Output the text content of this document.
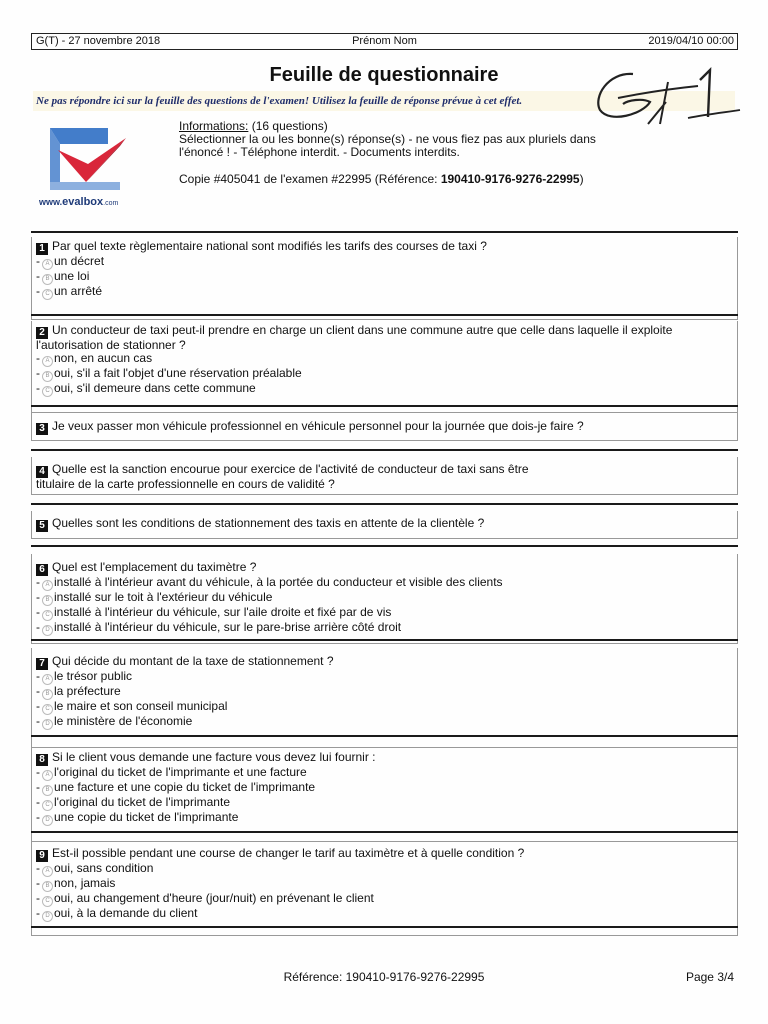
G(T) - 27 novembre 2018	Prénom Nom	2019/04/10 00:00
Feuille de questionnaire
Ne pas répondre ici sur la feuille des questions de l'examen! Utilisez la feuille de réponse prévue à cet effet.
www.evalbox.com
Informations: (16 questions)
Sélectionner la ou les bonne(s) réponse(s) - ne vous fiez pas aux pluriels dans
l'énoncé ! - Téléphone interdit. - Documents interdits.
Copie #405041 de l'examen #22995 (Référence: 190410-9176-9276-22995)
1 Par quel texte règlementaire national sont modifiés les tarifs des courses de taxi ?
- A un décret
- B une loi
- C un arrêté
2 Un conducteur de taxi peut-il prendre en charge un client dans une commune autre que celle dans laquelle il exploite l'autorisation de stationner ?
- A non, en aucun cas
- B oui, s'il a fait l'objet d'une réservation préalable
- C oui, s'il demeure dans cette commune
3 Je veux passer mon véhicule professionnel en véhicule personnel pour la journée que dois-je faire ?
4 Quelle est la sanction encourue pour exercice de l'activité de conducteur de taxi sans être titulaire de la carte professionnelle en cours de validité ?
5 Quelles sont les conditions de stationnement des taxis en attente de la clientèle ?
6 Quel est l'emplacement du taximètre ?
- A installé à l'intérieur avant du véhicule, à la portée du conducteur et visible des clients
- B installé sur le toit à l'extérieur du véhicule
- C installé à l'intérieur du véhicule, sur l'aile droite et fixé par de vis
- D installé à l'intérieur du véhicule, sur le pare-brise arrière côté droit
7 Qui décide du montant de la taxe de stationnement ?
- A le trésor public
- B la préfecture
- C le maire et son conseil municipal
- D le ministère de l'économie
8 Si le client vous demande une facture vous devez lui fournir :
- A l'original du ticket de l'imprimante et une facture
- B une facture et une copie du ticket de l'imprimante
- C l'original du ticket de l'imprimante
- D une copie du ticket de l'imprimante
9 Est-il possible pendant une course de changer le tarif au taximètre et à quelle condition ?
- A oui, sans condition
- B non, jamais
- C oui, au changement d'heure (jour/nuit) en prévenant le client
- D oui, à la demande du client
Référence: 190410-9176-9276-22995	Page 3/4
